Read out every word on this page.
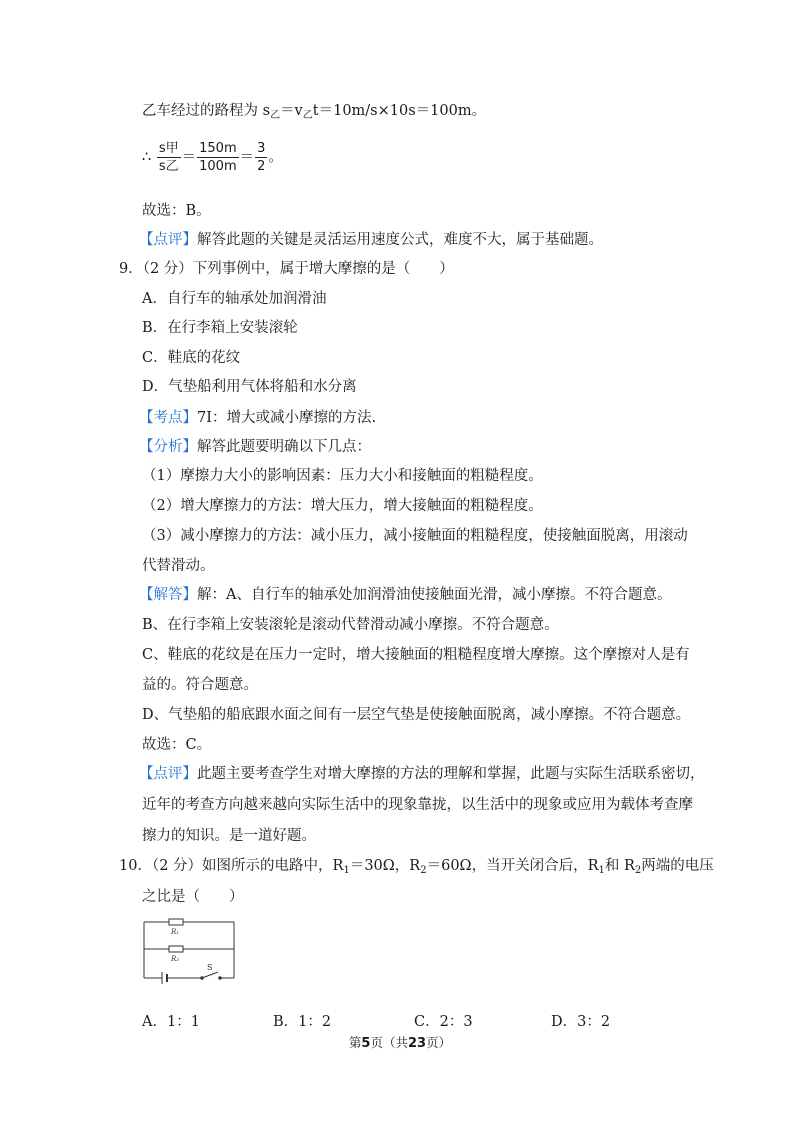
乙车经过的路程为 $s_乙=v_乙t=10m/s\times 10s=100m$。
∴ $\frac{\text{s甲}}{\text{s乙}} = \frac{150m}{100m} = \frac{3}{2}$ 。
故选：B。
【点评】解答此题的关键是灵活运用速度公式，难度不大，属于基础题。
9．（2 分）下列事例中，属于增大摩擦的是（　　）
A．自行车的轴承处加润滑油
B．在行李箱上安装滚轮
C．鞋底的花纹
D．气垫船利用气体将船和水分离
【考点】7I：增大或减小摩擦的方法.
【分析】解答此题要明确以下几点：
（1）摩擦力大小的影响因素：压力大小和接触面的粗糙程度。
（2）增大摩擦力的方法：增大压力，增大接触面的粗糙程度。
（3）减小摩擦力的方法：减小压力，减小接触面的粗糙程度，使接触面脱离，用滚动
代替滑动。
【解答】解：A、自行车的轴承处加润滑油使接触面光滑，减小摩擦。不符合题意。
B、在行李箱上安装滚轮是滚动代替滑动减小摩擦。不符合题意。
C、鞋底的花纹是在压力一定时，增大接触面的粗糙程度增大摩擦。这个摩擦对人是有
益的。符合题意。
D、气垫船的船底跟水面之间有一层空气垫是使接触面脱离，减小摩擦。不符合题意。
故选：C。
【点评】此题主要考查学生对增大摩擦的方法的理解和掌握，此题与实际生活联系密切，
近年的考查方向越来越向实际生活中的现象靠拢，以生活中的现象或应用为载体考查摩
擦力的知识。是一道好题。
10．（2 分）如图所示的电路中，$R_1=30\Omega$，$R_2=60\Omega$，当开关闭合后，$R_1$和 $R_2$两端的电压
之比是（　　）
R₁
R₂
S
A．1：1	B．1：2	C．2：3	D．3：2
第5页（共23页）
